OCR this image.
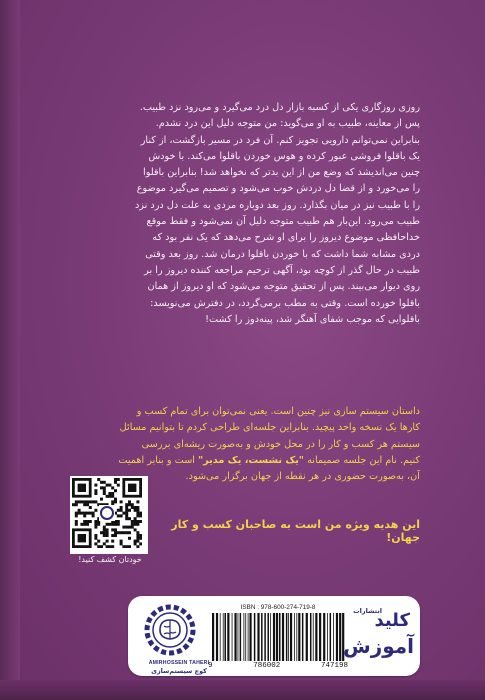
روزی روزگاری یکی از کسبه بازار دل درد می‌گیرد و می‌رود نزد طبیب.

پس از معاینه، طبیب به او می‌گوید: من متوجه دلیل این درد نشدم.

بنابراین نمی‌توانم دارویی تجویز کنم. آن فرد در مسیر بازگشت، از کنار

یک باقلوا فروشی عبور کرده و هوس خوردن باقلوا می‌کند. با خودش

چنین می‌اندیشد که وضع من از این بدتر که نخواهد شد! بنابراین باقلوا

را می‌خورد و از قضا دل دردش خوب می‌شود و تصمیم می‌گیرد موضوع

را با طبیب نیز در میان بگذارد. روز بعد دوباره مردی به علت دل درد نزد

طبیب می‌رود. این‌بار هم طبیب متوجه دلیل آن نمی‌شود و فقط موقع

خداحافظی موضوع دیروز را برای او شرح می‌دهد که یک نفر بود که

دردی مشابه شما داشت که با خوردن باقلوا درمان شد. روز بعد وقتی

طبیب در حال گذر از کوچه بود، آگهی ترحیم مراجعه کننده دیروز را بر

روی دیوار می‌بیند. پس از تحقیق متوجه می‌شود که او دیروز از همان

باقلوا خورده است. وقتی به مطب برمی‌گردد، در دفترش می‌نویسد:

باقلوایی که موجب شفای آهنگر شد، پینه‌دوز را کشت!

داستان سیستم سازی نیز چنین است. یعنی نمی‌توان برای تمام کسب و

کارها یک نسخه واحد پیچید. بنابراین جلسه‌ای طراحی کردم تا بتوانیم مسائل

سیستم هر کسب و کار را در محل خودش و به‌صورت ریشه‌ای بررسی

کنیم. نام این جلسه صمیمانه "یک نشست، یک مدیر" است و بنابر اهمیت

آن، به‌صورت حضوری در هر نقطه از جهان برگزار می‌شود.

این هدیه ویژه من است به صاحبان کسب و کار جهان!
خودتان کشف کنید!
AMIRHOSSEIN TAHERI
کوچ سیستم‌سازی
ISBN : 978-600-274-719-8
9	786002	747198
انتشارات
کلید
آموزش
